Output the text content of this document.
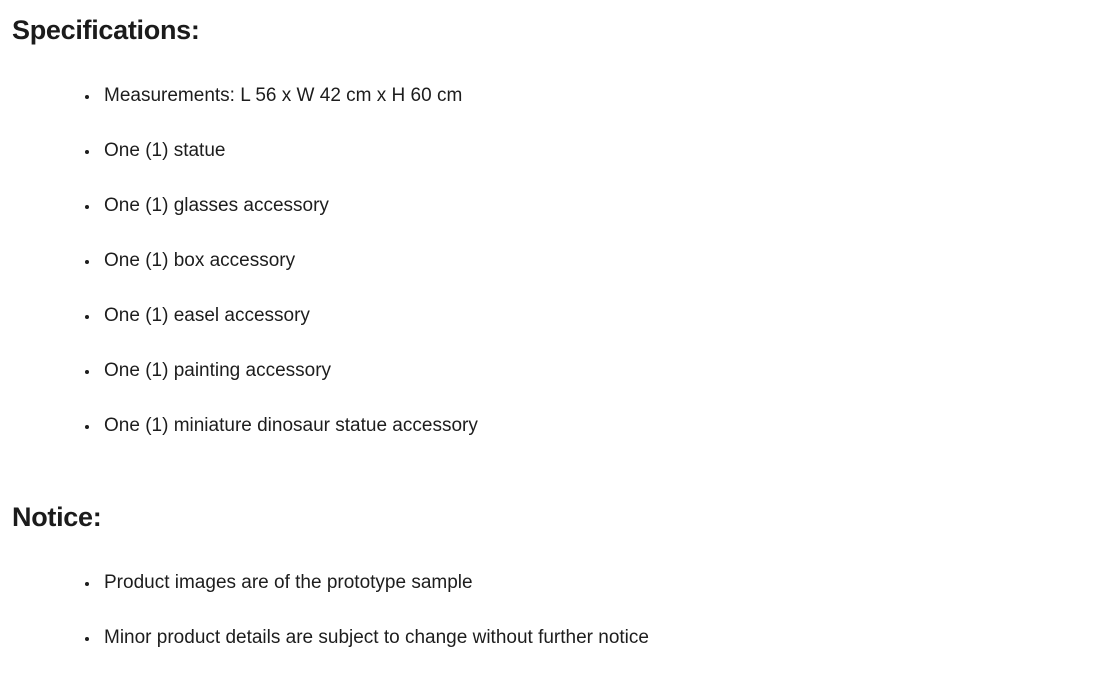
Specifications:
• Measurements: L 56 x W 42 cm x H 60 cm
• One (1) statue
• One (1) glasses accessory
• One (1) box accessory
• One (1) easel accessory
• One (1) painting accessory
• One (1) miniature dinosaur statue accessory
Notice:
• Product images are of the prototype sample
• Minor product details are subject to change without further notice
